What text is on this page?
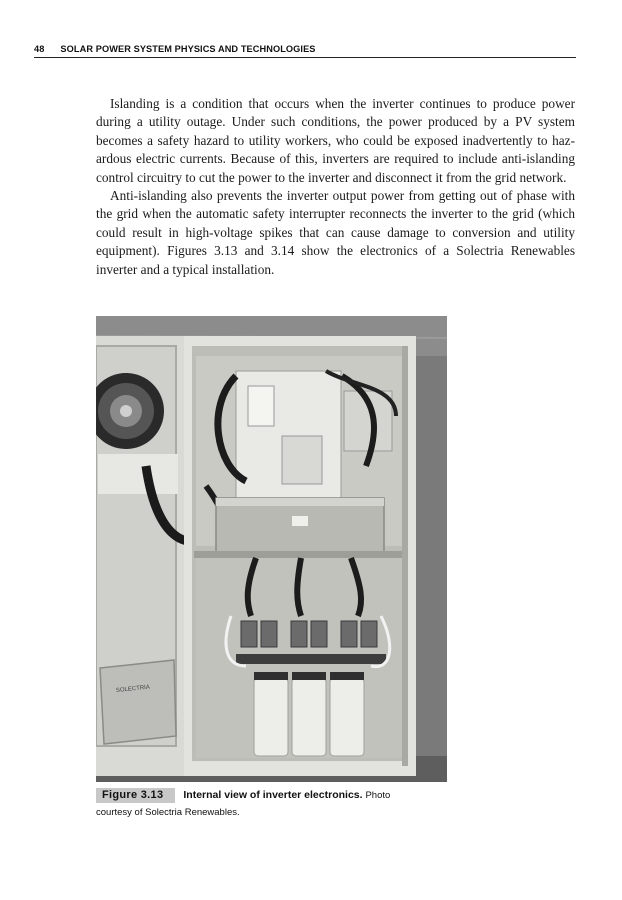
48 SOLAR POWER SYSTEM PHYSICS AND TECHNOLOGIES

Islanding is a condition that occurs when the inverter continues to produce power during a utility outage. Under such conditions, the power produced by a PV system becomes a safety hazard to utility workers, who could be exposed inadvertently to hazardous electric currents. Because of this, inverters are required to include anti-islanding control circuitry to cut the power to the inverter and disconnect it from the grid network.

Anti-islanding also prevents the inverter output power from getting out of phase with the grid when the automatic safety interrupter reconnects the inverter to the grid (which could result in high-voltage spikes that can cause damage to conversion and utility equipment). Figures 3.13 and 3.14 show the electronics of a Solectria Renewables inverter and a typical installation.

SOLECTRIA
Figure 3.13 Internal view of inverter electronics. Photo
courtesy of Solectria Renewables.
